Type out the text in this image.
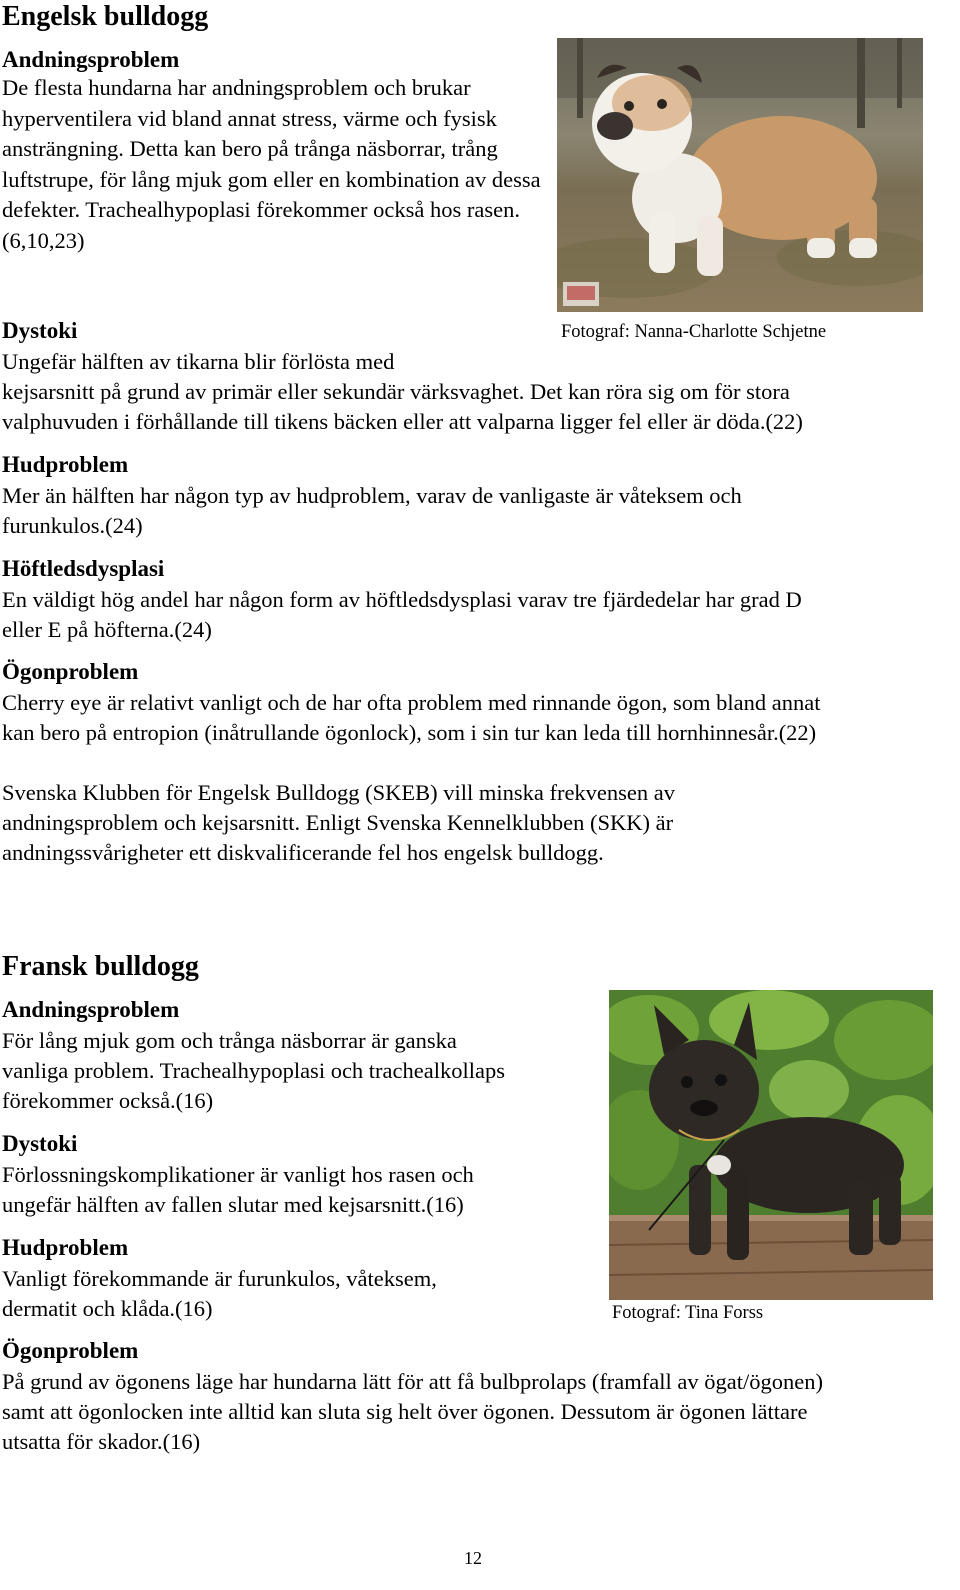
Engelsk bulldogg
Andningsproblem
De flesta hundarna har andningsproblem och brukar hyperventilera vid bland annat stress, värme och fysisk ansträngning. Detta kan bero på trånga näsborrar, trång luftstrupe, för lång mjuk gom eller en kombination av dessa defekter. Trachealhypoplasi förekommer också hos rasen. (6,10,23)
Fotograf: Nanna-Charlotte Schjetne
Dystoki
Ungefär hälften av tikarna blir förlösta med
kejsarsnitt på grund av primär eller sekundär värksvaghet. Det kan röra sig om för stora
valphuvuden i förhållande till tikens bäcken eller att valparna ligger fel eller är döda.(22)
Hudproblem
Mer än hälften har någon typ av hudproblem, varav de vanligaste är våteksem och
furunkulos.(24)
Höftledsdysplasi
En väldigt hög andel har någon form av höftledsdysplasi varav tre fjärdedelar har grad D
eller E på höfterna.(24)
Ögonproblem
Cherry eye är relativt vanligt och de har ofta problem med rinnande ögon, som bland annat
kan bero på entropion (inåtrullande ögonlock), som i sin tur kan leda till hornhinnesår.(22)
Svenska Klubben för Engelsk Bulldogg (SKEB) vill minska frekvensen av
andningsproblem och kejsarsnitt. Enligt Svenska Kennelklubben (SKK) är
andningssvårigheter ett diskvalificerande fel hos engelsk bulldogg.
Fransk bulldogg
Andningsproblem
För lång mjuk gom och trånga näsborrar är ganska
vanliga problem. Trachealhypoplasi och trachealkollaps
förekommer också.(16)
Dystoki
Förlossningskomplikationer är vanligt hos rasen och
ungefär hälften av fallen slutar med kejsarsnitt.(16)
Hudproblem
Vanligt förekommande är furunkulos, våteksem,
dermatit och klåda.(16)	Fotograf: Tina Forss
Ögonproblem
På grund av ögonens läge har hundarna lätt för att få bulbprolaps (framfall av ögat/ögonen)
samt att ögonlocken inte alltid kan sluta sig helt över ögonen. Dessutom är ögonen lättare
utsatta för skador.(16)
12
